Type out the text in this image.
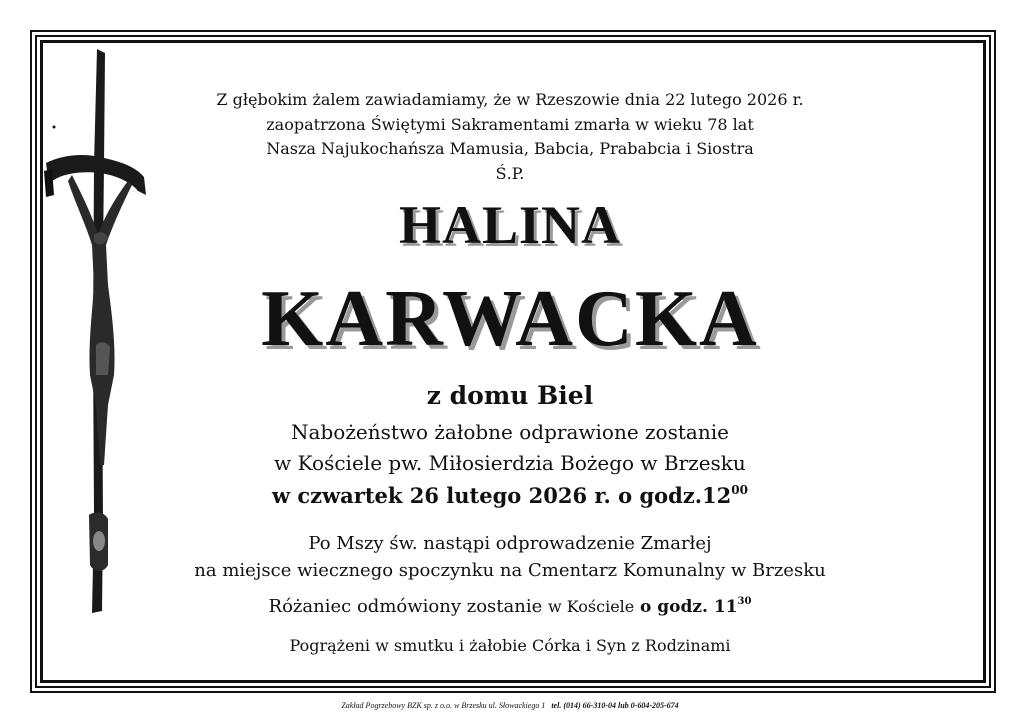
Z głębokim żalem zawiadamiamy, że w Rzeszowie dnia 22 lutego 2026 r.
zaopatrzona Świętymi Sakramentami zmarła w wieku 78 lat
Nasza Najukochańsza Mamusia, Babcia, Prababcia i Siostra
Ś.P.
HALINA
KARWACKA
z domu Biel
Nabożeństwo żałobne odprawione zostanie
w Kościele pw. Miłosierdzia Bożego w Brzesku
w czwartek 26 lutego 2026 r. o $godz.12^{00}$
Po Mszy św. nastąpi odprowadzenie Zmarłej
na miejsce wiecznego spoczynku na Cmentarz Komunalny w Brzesku
Różaniec odmówiony zostanie w Kościele o godz. $11^{30}$
Pogrążeni w smutku i żałobie Córka i Syn z Rodzinami
Zakład Pogrzebowy BZK sp. z o.o. w Brzesku ul. Słowackiego 1 tel. (014) 66-310-04 lub 0-604-205-674
